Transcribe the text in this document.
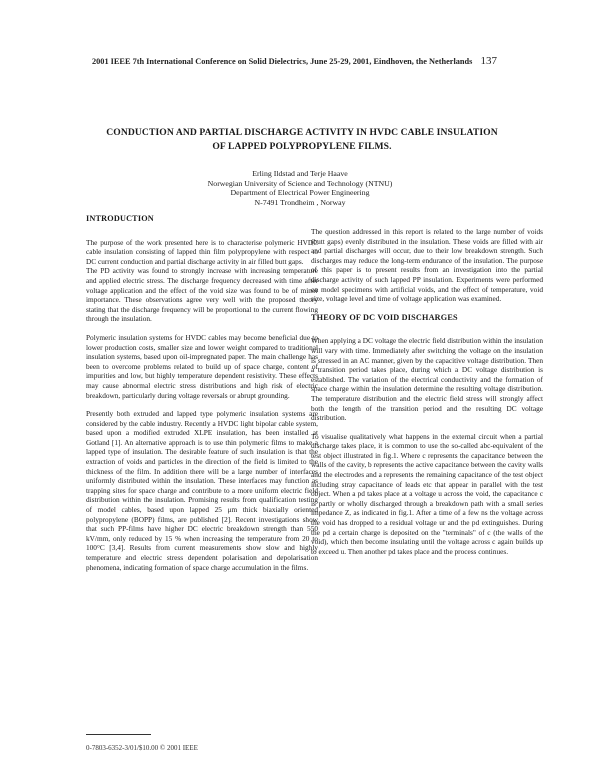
2001 IEEE 7th International Conference on Solid Dielectrics, June 25-29, 2001, Eindhoven, the Netherlands 137
CONDUCTION AND PARTIAL DISCHARGE ACTIVITY IN HVDC CABLE INSULATION
OF LAPPED POLYPROPYLENE FILMS.
Erling Ildstad and Terje Haave
Norwegian University of Science and Technology (NTNU)
Department of Electrical Power Engineering
N-7491 Trondheim , Norway
INTRODUCTION

The purpose of the work presented here is to characterise polymeric HVDC cable insulation consisting of lapped thin film polypropylene with respect to DC current conduction and partial discharge activity in air filled butt gaps.

The PD activity was found to strongly increase with increasing temperature and applied electric stress. The discharge frequency decreased with time after voltage application and the effect of the void size was found to be of minor importance. These observations agree very well with the proposed theory stating that the discharge frequency will be proportional to the current flowing through the insulation.

Polymeric insulation systems for HVDC cables may become beneficial due to lower production costs, smaller size and lower weight compared to traditional insulation systems, based upon oil-impregnated paper. The main challenge has been to overcome problems related to build up of space charge, content of impurities and low, but highly temperature dependent resistivity. These effects may cause abnormal electric stress distributions and high risk of electric breakdown, particularly during voltage reversals or abrupt grounding.

Presently both extruded and lapped type polymeric insulation systems are considered by the cable industry. Recently a HVDC light bipolar cable system, based upon a modified extruded XLPE insulation, has been installed at Gotland [1]. An alternative approach is to use thin polymeric films to make a lapped type of insulation. The desirable feature of such insulation is that the extraction of voids and particles in the direction of the field is limited to the thickness of the film. In addition there will be a large number of interfaces uniformly distributed within the insulation. These interfaces may function as trapping sites for space charge and contribute to a more uniform electric field distribution within the insulation. Promising results from qualification testing of model cables, based upon lapped 25 μm thick biaxially oriented polypropylene (BOPP) films, are published [2]. Recent investigations show that such PP-films have higher DC electric breakdown strength than 550 kV/mm, only reduced by 15 % when increasing the temperature from 20 to 100°C [3,4]. Results from current measurements show slow and highly temperature and electric stress dependent polarisation and depolarisation phenomena, indicating formation of space charge accumulation in the films.

The question addressed in this report is related to the large number of voids (butt gaps) evenly distributed in the insulation. These voids are filled with air and partial discharges will occur, due to their low breakdown strength. Such discharges may reduce the long-term endurance of the insulation. The purpose of this paper is to present results from an investigation into the partial discharge activity of such lapped PP insulation. Experiments were performed on model specimens with artificial voids, and the effect of temperature, void size, voltage level and time of voltage application was examined.

THEORY OF DC VOID DISCHARGES

When applying a DC voltage the electric field distribution within the insulation will vary with time. Immediately after switching the voltage on the insulation is stressed in an AC manner, given by the capacitive voltage distribution. Then a transition period takes place, during which a DC voltage distribution is established. The variation of the electrical conductivity and the formation of space charge within the insulation determine the resulting voltage distribution. The temperature distribution and the electric field stress will strongly affect both the length of the transition period and the resulting DC voltage distribution.

To visualise qualitatively what happens in the external circuit when a partial discharge takes place, it is common to use the so-called abc-equivalent of the test object illustrated in fig.1. Where c represents the capacitance between the walls of the cavity, b represents the active capacitance between the cavity walls and the electrodes and a represents the remaining capacitance of the test object including stray capacitance of leads etc that appear in parallel with the test object. When a pd takes place at a voltage u across the void, the capacitance c is partly or wholly discharged through a breakdown path with a small series impedance Z, as indicated in fig.1. After a time of a few ns the voltage across the void has dropped to a residual voltage ur and the pd extinguishes. During the pd a certain charge is deposited on the "terminals" of c (the walls of the void), which then become insulating until the voltage across c again builds up to exceed u. Then another pd takes place and the process continues.

0-7803-6352-3/01/$10.00 © 2001 IEEE
